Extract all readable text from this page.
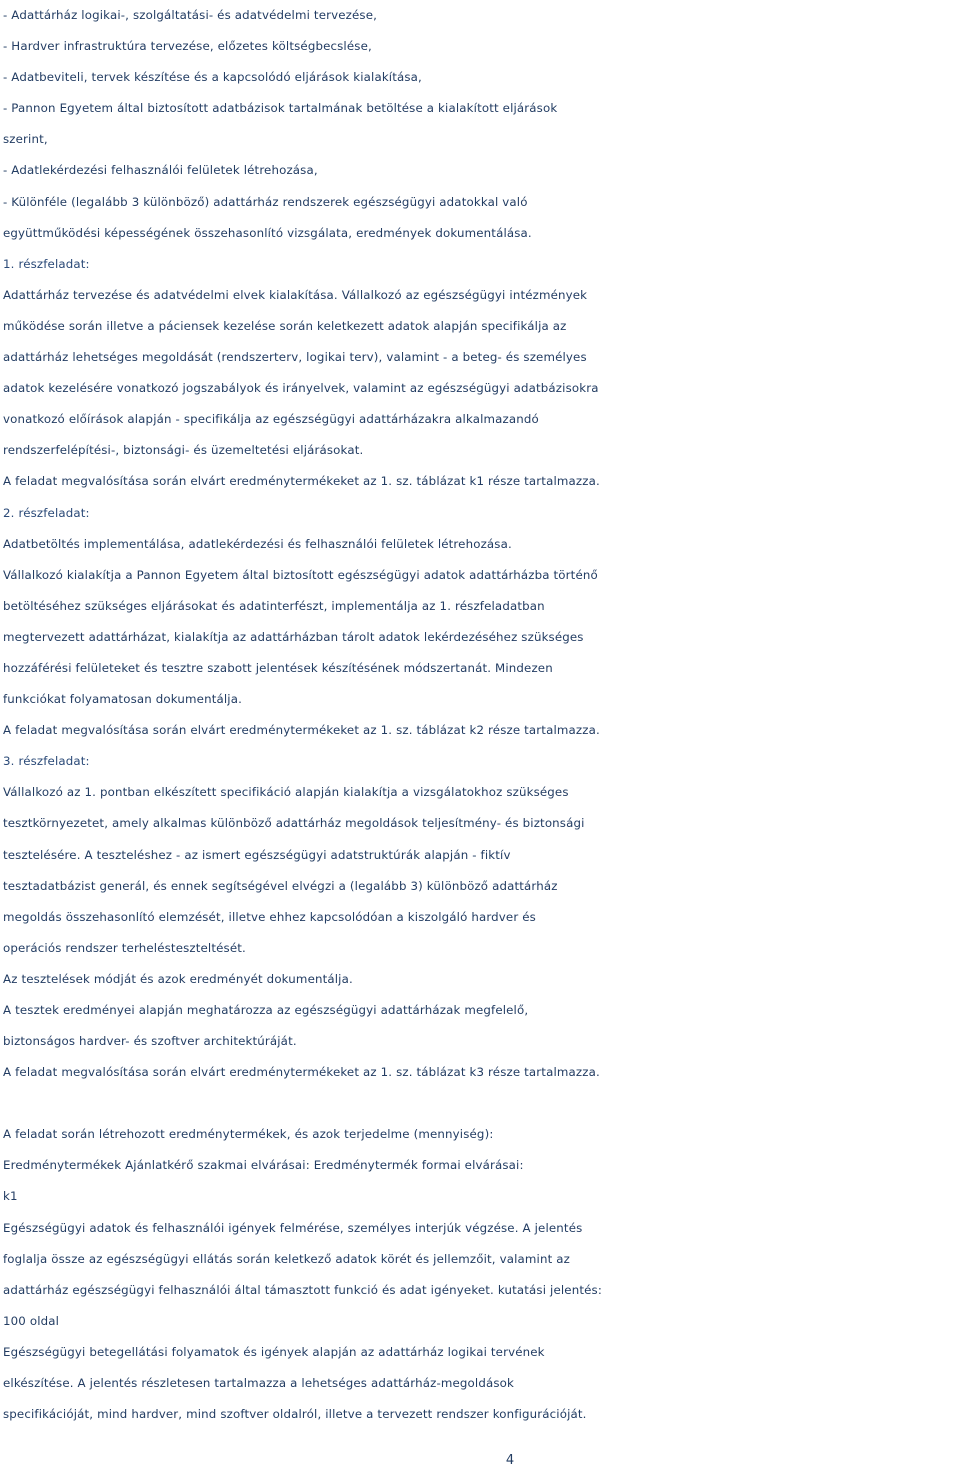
- Adattárház logikai-, szolgáltatási- és adatvédelmi tervezése,
- Hardver infrastruktúra tervezése, előzetes költségbecslése,
- Adatbeviteli, tervek készítése és a kapcsolódó eljárások kialakítása,
- Pannon Egyetem által biztosított adatbázisok tartalmának betöltése a kialakított eljárások
szerint,
- Adatlekérdezési felhasználói felületek létrehozása,
- Különféle (legalább 3 különböző) adattárház rendszerek egészségügyi adatokkal való
együttműködési képességének összehasonlító vizsgálata, eredmények dokumentálása.
1. részfeladat:
Adattárház tervezése és adatvédelmi elvek kialakítása. Vállalkozó az egészségügyi intézmények
működése során illetve a páciensek kezelése során keletkezett adatok alapján specifikálja az
adattárház lehetséges megoldását (rendszerterv, logikai terv), valamint - a beteg- és személyes
adatok kezelésére vonatkozó jogszabályok és irányelvek, valamint az egészségügyi adatbázisokra
vonatkozó előírások alapján - specifikálja az egészségügyi adattárházakra alkalmazandó
rendszerfelépítési-, biztonsági- és üzemeltetési eljárásokat.
A feladat megvalósítása során elvárt eredménytermékeket az 1. sz. táblázat k1 része tartalmazza.
2. részfeladat:
Adatbetöltés implementálása, adatlekérdezési és felhasználói felületek létrehozása.
Vállalkozó kialakítja a Pannon Egyetem által biztosított egészségügyi adatok adattárházba történő
betöltéséhez szükséges eljárásokat és adatinterfészt, implementálja az 1. részfeladatban
megtervezett adattárházat, kialakítja az adattárházban tárolt adatok lekérdezéséhez szükséges
hozzáférési felületeket és tesztre szabott jelentések készítésének módszertanát. Mindezen
funkciókat folyamatosan dokumentálja.
A feladat megvalósítása során elvárt eredménytermékeket az 1. sz. táblázat k2 része tartalmazza.
3. részfeladat:
Vállalkozó az 1. pontban elkészített specifikáció alapján kialakítja a vizsgálatokhoz szükséges
tesztkörnyezetet, amely alkalmas különböző adattárház megoldások teljesítmény- és biztonsági
tesztelésére. A teszteléshez - az ismert egészségügyi adatstruktúrák alapján - fiktív
tesztadatbázist generál, és ennek segítségével elvégzi a (legalább 3) különböző adattárház
megoldás összehasonlító elemzését, illetve ehhez kapcsolódóan a kiszolgáló hardver és
operációs rendszer terhelésteszteltését.
Az tesztelések módját és azok eredményét dokumentálja.
A tesztek eredményei alapján meghatározza az egészségügyi adattárházak megfelelő,
biztonságos hardver- és szoftver architektúráját.
A feladat megvalósítása során elvárt eredménytermékeket az 1. sz. táblázat k3 része tartalmazza.
A feladat során létrehozott eredménytermékek, és azok terjedelme (mennyiség):
Eredménytermékek Ajánlatkérő szakmai elvárásai: Eredménytermék formai elvárásai:
k1
Egészségügyi adatok és felhasználói igények felmérése, személyes interjúk végzése. A jelentés
foglalja össze az egészségügyi ellátás során keletkező adatok körét és jellemzőit, valamint az
adattárház egészségügyi felhasználói által támasztott funkció és adat igényeket. kutatási jelentés:
100 oldal
Egészségügyi betegellátási folyamatok és igények alapján az adattárház logikai tervének
elkészítése. A jelentés részletesen tartalmazza a lehetséges adattárház-megoldások
specifikációját, mind hardver, mind szoftver oldalról, illetve a tervezett rendszer konfigurációját.
4
